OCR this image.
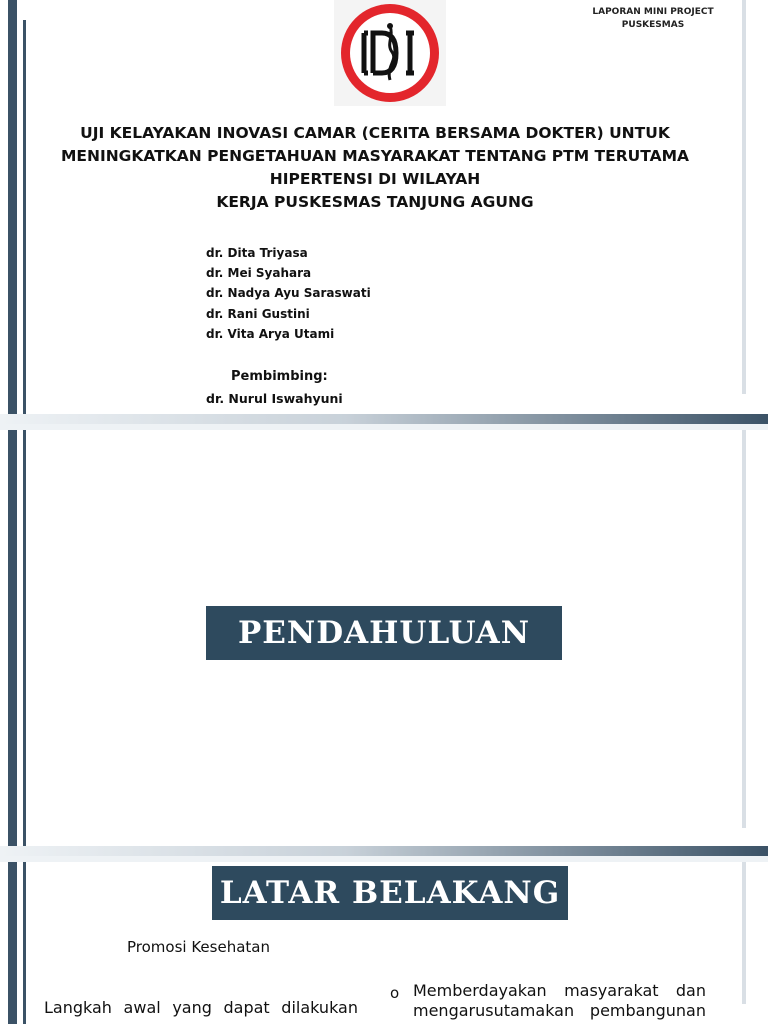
LAPORAN MINI PROJECT PUSKESMAS
UJI KELAYAKAN INOVASI CAMAR (CERITA BERSAMA DOKTER) UNTUK
MENINGKATKAN PENGETAHUAN MASYARAKAT TENTANG PTM TERUTAMA
HIPERTENSI DI WILAYAH
KERJA PUSKESMAS TANJUNG AGUNG
dr. Dita Triyasa
dr. Mei Syahara
dr. Nadya Ayu Saraswati
dr. Rani Gustini
dr. Vita Arya Utami
Pembimbing:
dr. Nurul Iswahyuni
PENDAHULUAN
LATAR BELAKANG
Promosi Kesehatan
Langkah awal yang dapat dilakukan
o Memberdayakan masyarakat dan
mengarusutamakan pembangunan
